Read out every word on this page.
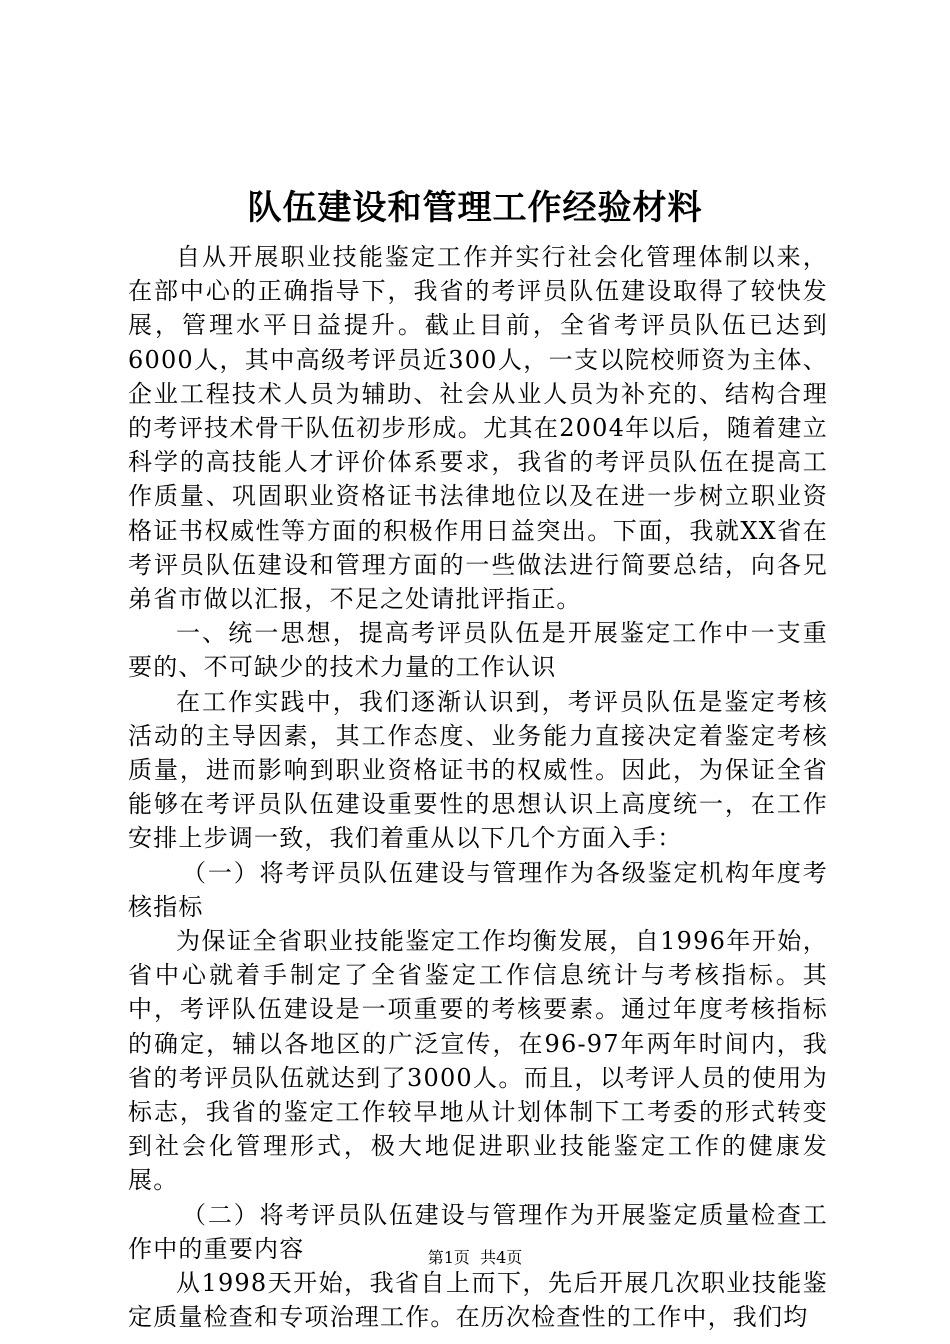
队伍建设和管理工作经验材料

自从开展职业技能鉴定工作并实行社会化管理体制以来，在部中心的正确指导下，我省的考评员队伍建设取得了较快发展，管理水平日益提升。截止目前，全省考评员队伍已达到6000人，其中高级考评员近300人，一支以院校师资为主体、企业工程技术人员为辅助、社会从业人员为补充的、结构合理的考评技术骨干队伍初步形成。尤其在2004年以后，随着建立科学的高技能人才评价体系要求，我省的考评员队伍在提高工作质量、巩固职业资格证书法律地位以及在进一步树立职业资格证书权威性等方面的积极作用日益突出。下面，我就XX省在考评员队伍建设和管理方面的一些做法进行简要总结，向各兄弟省市做以汇报，不足之处请批评指正。

一、统一思想，提高考评员队伍是开展鉴定工作中一支重要的、不可缺少的技术力量的工作认识

在工作实践中，我们逐渐认识到，考评员队伍是鉴定考核活动的主导因素，其工作态度、业务能力直接决定着鉴定考核质量，进而影响到职业资格证书的权威性。因此，为保证全省能够在考评员队伍建设重要性的思想认识上高度统一，在工作安排上步调一致，我们着重从以下几个方面入手：

（一）将考评员队伍建设与管理作为各级鉴定机构年度考核指标

为保证全省职业技能鉴定工作均衡发展，自1996年开始，省中心就着手制定了全省鉴定工作信息统计与考核指标。其中，考评队伍建设是一项重要的考核要素。通过年度考核指标的确定，辅以各地区的广泛宣传，在96-97年两年时间内，我省的考评员队伍就达到了3000人。而且，以考评人员的使用为标志，我省的鉴定工作较早地从计划体制下工考委的形式转变到社会化管理形式，极大地促进职业技能鉴定工作的健康发展。

（二）将考评员队伍建设与管理作为开展鉴定质量检查工作中的重要内容

从1998天开始，我省自上而下，先后开展几次职业技能鉴定质量检查和专项治理工作。在历次检查性的工作中，我们均

第1页 共4页
